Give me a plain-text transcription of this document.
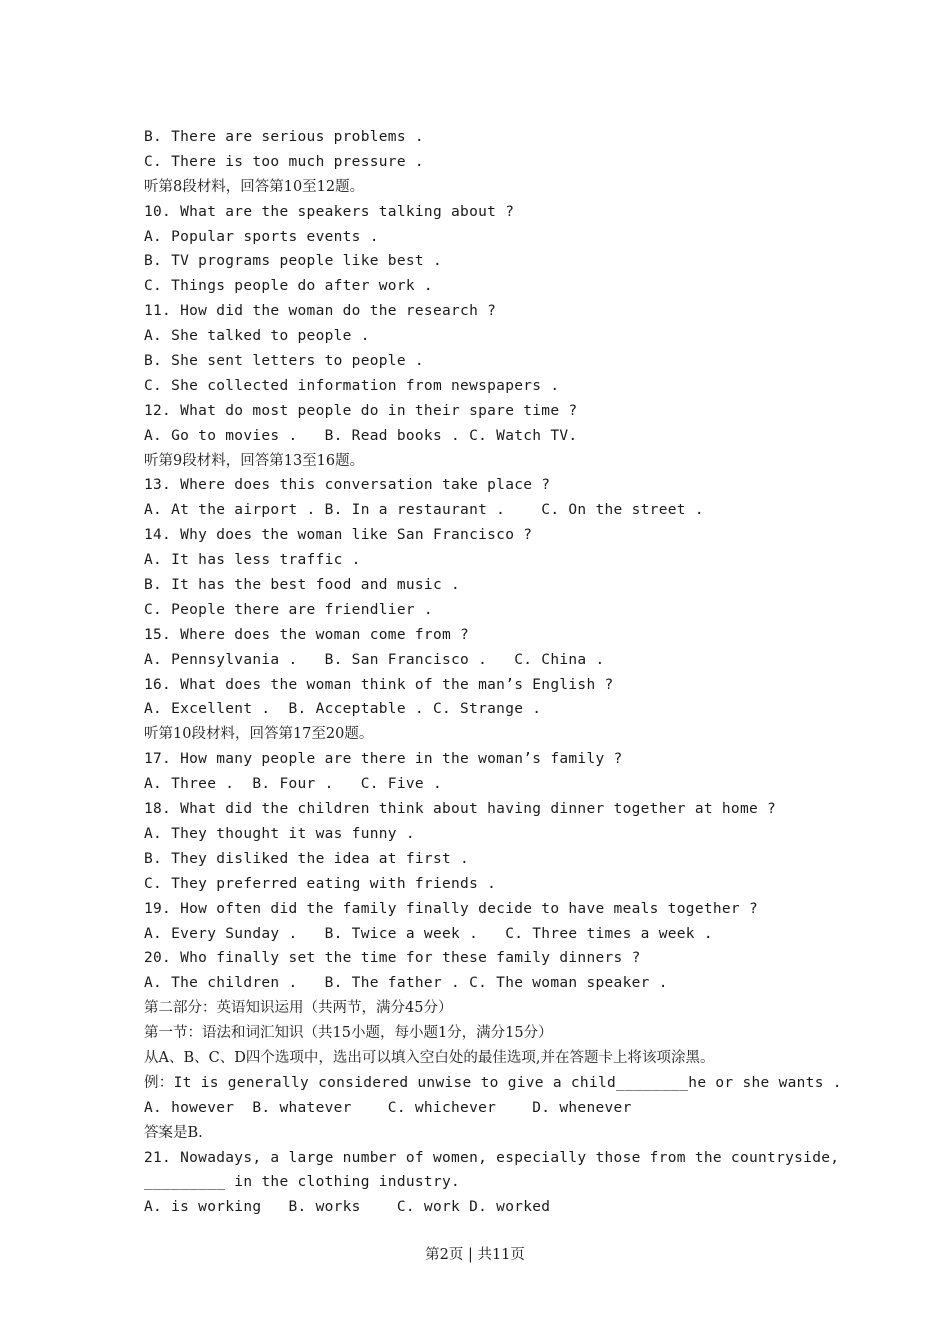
B. There are serious problems .
C. There is too much pressure .
听第8段材料，回答第10至12题。
10. What are the speakers talking about ?
A. Popular sports events .
B. TV programs people like best .
C. Things people do after work .
11. How did the woman do the research ?
A. She talked to people .
B. She sent letters to people .
C. She collected information from newspapers .
12. What do most people do in their spare time ?
A. Go to movies .   B. Read books . C. Watch TV.
听第9段材料，回答第13至16题。
13. Where does this conversation take place ?
A. At the airport . B. In a restaurant .    C. On the street .
14. Why does the woman like San Francisco ?
A. It has less traffic .
B. It has the best food and music .
C. People there are friendlier .
15. Where does the woman come from ?
A. Pennsylvania .   B. San Francisco .   C. China .
16. What does the woman think of the man’s English ?
A. Excellent .  B. Acceptable . C. Strange .
听第10段材料，回答第17至20题。
17. How many people are there in the woman’s family ?
A. Three .  B. Four .   C. Five .
18. What did the children think about having dinner together at home ?
A. They thought it was funny .
B. They disliked the idea at first .
C. They preferred eating with friends .
19. How often did the family finally decide to have meals together ?
A. Every Sunday .   B. Twice a week .   C. Three times a week .
20. Who finally set the time for these family dinners ?
A. The children .   B. The father . C. The woman speaker .
第二部分：英语知识运用（共两节，满分45分）
第一节：语法和词汇知识（共15小题，每小题1分，满分15分）
从A、B、C、D四个选项中，选出可以填入空白处的最佳选项,并在答题卡上将该项涂黑。
例：It is generally considered unwise to give a child________he or she wants .
A. however  B. whatever    C. whichever    D. whenever
答案是B.
21. Nowadays, a large number of women, especially those from the countryside,
_________ in the clothing industry.
A. is working   B. works    C. work D. worked
第2页 | 共11页
